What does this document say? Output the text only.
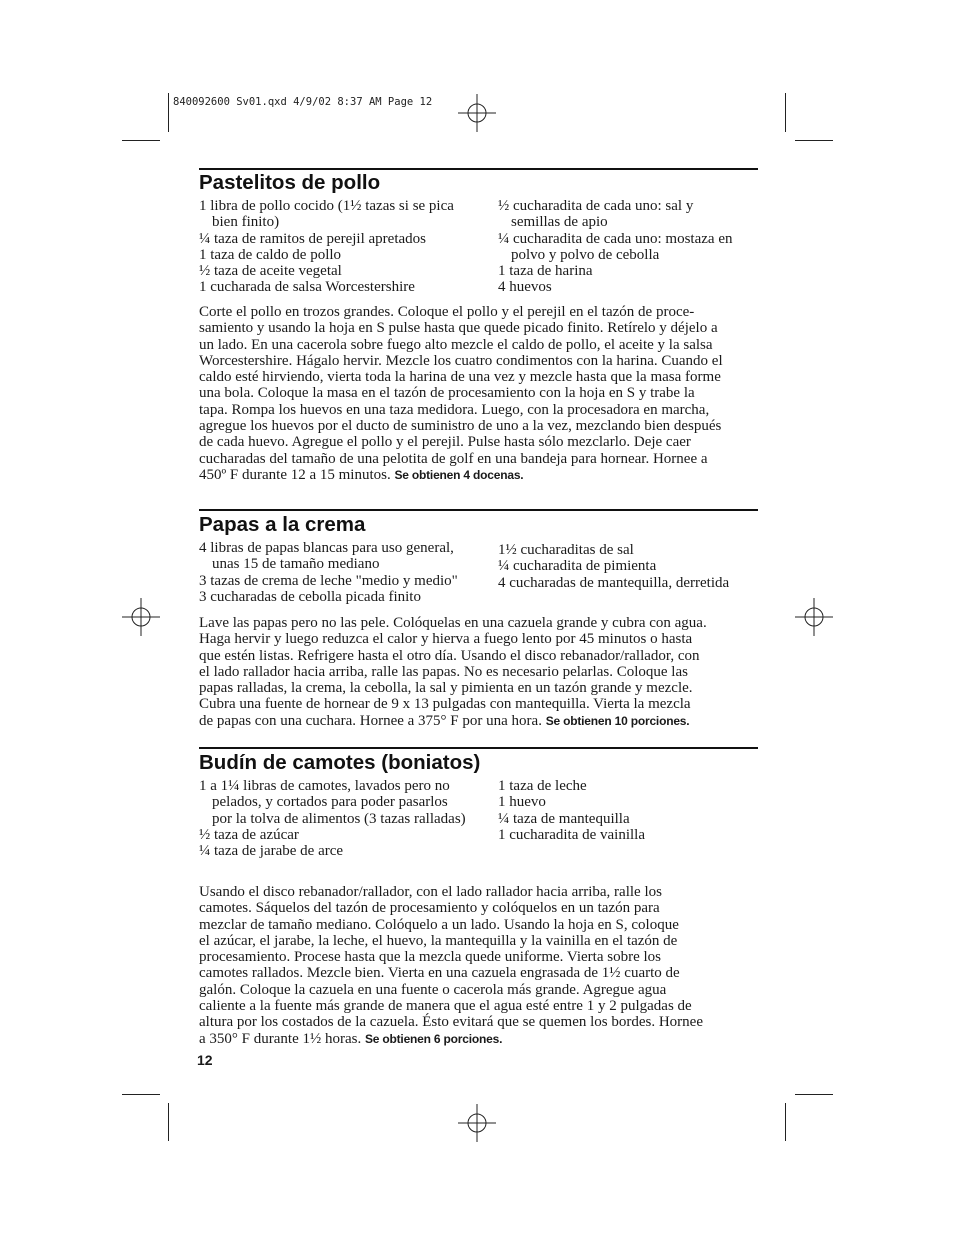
840092600 Sv01.qxd 4/9/02 8:37 AM Page 12
Pastelitos de pollo

1 libra de pollo cocido (1½ tazas si se pica bien finito)

¼ taza de ramitos de perejil apretados

1 taza de caldo de pollo

½ taza de aceite vegetal

1 cucharada de salsa Worcestershire

½ cucharadita de cada uno: sal y semillas de apio

¼ cucharadita de cada uno: mostaza en polvo y polvo de cebolla

1 taza de harina

4 huevos

Corte el pollo en trozos grandes. Coloque el pollo y el perejil en el tazón de proce-
samiento y usando la hoja en S pulse hasta que quede picado finito. Retírelo y déjelo a
un lado. En una cacerola sobre fuego alto mezcle el caldo de pollo, el aceite y la salsa
Worcestershire. Hágalo hervir. Mezcle los cuatro condimentos con la harina. Cuando el
caldo esté hirviendo, vierta toda la harina de una vez y mezcle hasta que la masa forme
una bola. Coloque la masa en el tazón de procesamiento con la hoja en S y trabe la
tapa. Rompa los huevos en una taza medidora. Luego, con la procesadora en marcha,
agregue los huevos por el ducto de suministro de uno a la vez, mezclando bien después
de cada huevo. Agregue el pollo y el perejil. Pulse hasta sólo mezclarlo. Deje caer
cucharadas del tamaño de una pelotita de golf en una bandeja para hornear. Hornee a
450º F durante 12 a 15 minutos. Se obtienen 4 docenas.

Papas a la crema

4 libras de papas blancas para uso general, unas 15 de tamaño mediano

3 tazas de crema de leche "medio y medio"

3 cucharadas de cebolla picada finito

1½ cucharaditas de sal

¼ cucharadita de pimienta

4 cucharadas de mantequilla, derretida

Lave las papas pero no las pele. Colóquelas en una cazuela grande y cubra con agua.
Haga hervir y luego reduzca el calor y hierva a fuego lento por 45 minutos o hasta
que estén listas. Refrigere hasta el otro día. Usando el disco rebanador/rallador, con
el lado rallador hacia arriba, ralle las papas. No es necesario pelarlas. Coloque las
papas ralladas, la crema, la cebolla, la sal y pimienta en un tazón grande y mezcle.
Cubra una fuente de hornear de 9 x 13 pulgadas con mantequilla. Vierta la mezcla
de papas con una cuchara. Hornee a 375° F por una hora. Se obtienen 10 porciones.

Budín de camotes (boniatos)

1 a 1¼ libras de camotes, lavados pero no pelados, y cortados para poder pasarlos por la tolva de alimentos (3 tazas ralladas)

½ taza de azúcar

¼ taza de jarabe de arce

1 taza de leche

1 huevo

¼ taza de mantequilla

1 cucharadita de vainilla

Usando el disco rebanador/rallador, con el lado rallador hacia arriba, ralle los
camotes. Sáquelos del tazón de procesamiento y colóquelos en un tazón para
mezclar de tamaño mediano. Colóquelo a un lado. Usando la hoja en S, coloque
el azúcar, el jarabe, la leche, el huevo, la mantequilla y la vainilla en el tazón de
procesamiento. Procese hasta que la mezcla quede uniforme. Vierta sobre los
camotes rallados. Mezcle bien. Vierta en una cazuela engrasada de 1½ cuarto de
galón. Coloque la cazuela en una fuente o cacerola más grande. Agregue agua
caliente a la fuente más grande de manera que el agua esté entre 1 y 2 pulgadas de
altura por los costados de la cazuela. Ésto evitará que se quemen los bordes. Hornee
a 350° F durante 1½ horas. Se obtienen 6 porciones.

12
